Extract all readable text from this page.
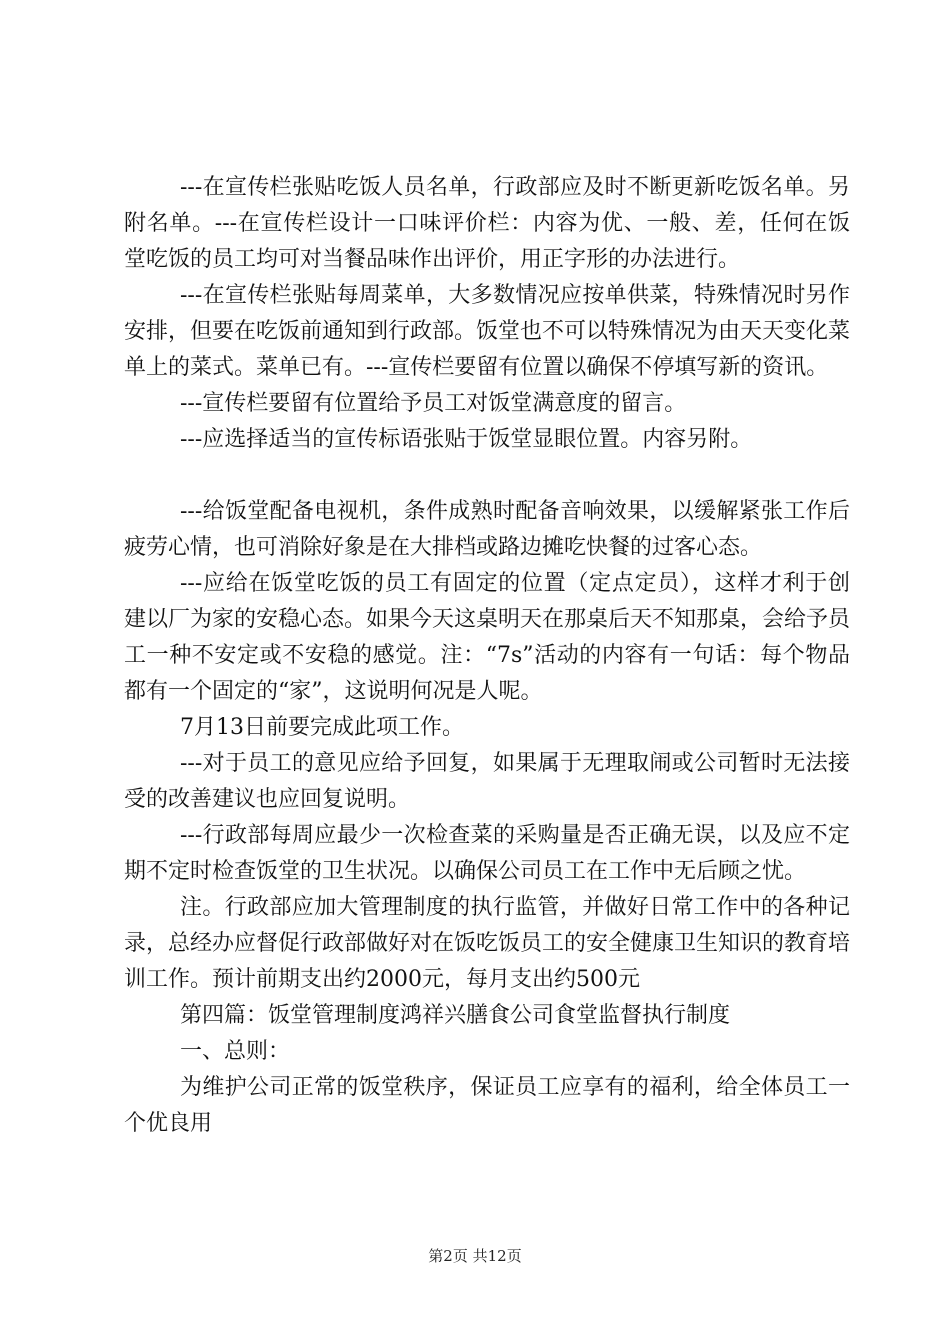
---在宣传栏张贴吃饭人员名单，行政部应及时不断更新吃饭名单。另附名单。---在宣传栏设计一口味评价栏：内容为优、一般、差，任何在饭堂吃饭的员工均可对当餐品味作出评价，用正字形的办法进行。

---在宣传栏张贴每周菜单，大多数情况应按单供菜，特殊情况时另作安排，但要在吃饭前通知到行政部。饭堂也不可以特殊情况为由天天变化菜单上的菜式。菜单已有。---宣传栏要留有位置以确保不停填写新的资讯。

---宣传栏要留有位置给予员工对饭堂满意度的留言。

---应选择适当的宣传标语张贴于饭堂显眼位置。内容另附。

---给饭堂配备电视机，条件成熟时配备音响效果，以缓解紧张工作后疲劳心情，也可消除好象是在大排档或路边摊吃快餐的过客心态。

---应给在饭堂吃饭的员工有固定的位置（定点定员），这样才利于创建以厂为家的安稳心态。如果今天这桌明天在那桌后天不知那桌，会给予员工一种不安定或不安稳的感觉。注：“7s”活动的内容有一句话：每个物品都有一个固定的“家”，这说明何况是人呢。

7月13日前要完成此项工作。

---对于员工的意见应给予回复，如果属于无理取闹或公司暂时无法接受的改善建议也应回复说明。

---行政部每周应最少一次检查菜的采购量是否正确无误，以及应不定期不定时检查饭堂的卫生状况。以确保公司员工在工作中无后顾之忧。

注。行政部应加大管理制度的执行监管，并做好日常工作中的各种记录，总经办应督促行政部做好对在饭吃饭员工的安全健康卫生知识的教育培训工作。预计前期支出约2000元，每月支出约500元

第四篇：饭堂管理制度鸿祥兴膳食公司食堂监督执行制度

一、总则：

为维护公司正常的饭堂秩序，保证员工应享有的福利，给全体员工一个优良用

第2页 共12页
